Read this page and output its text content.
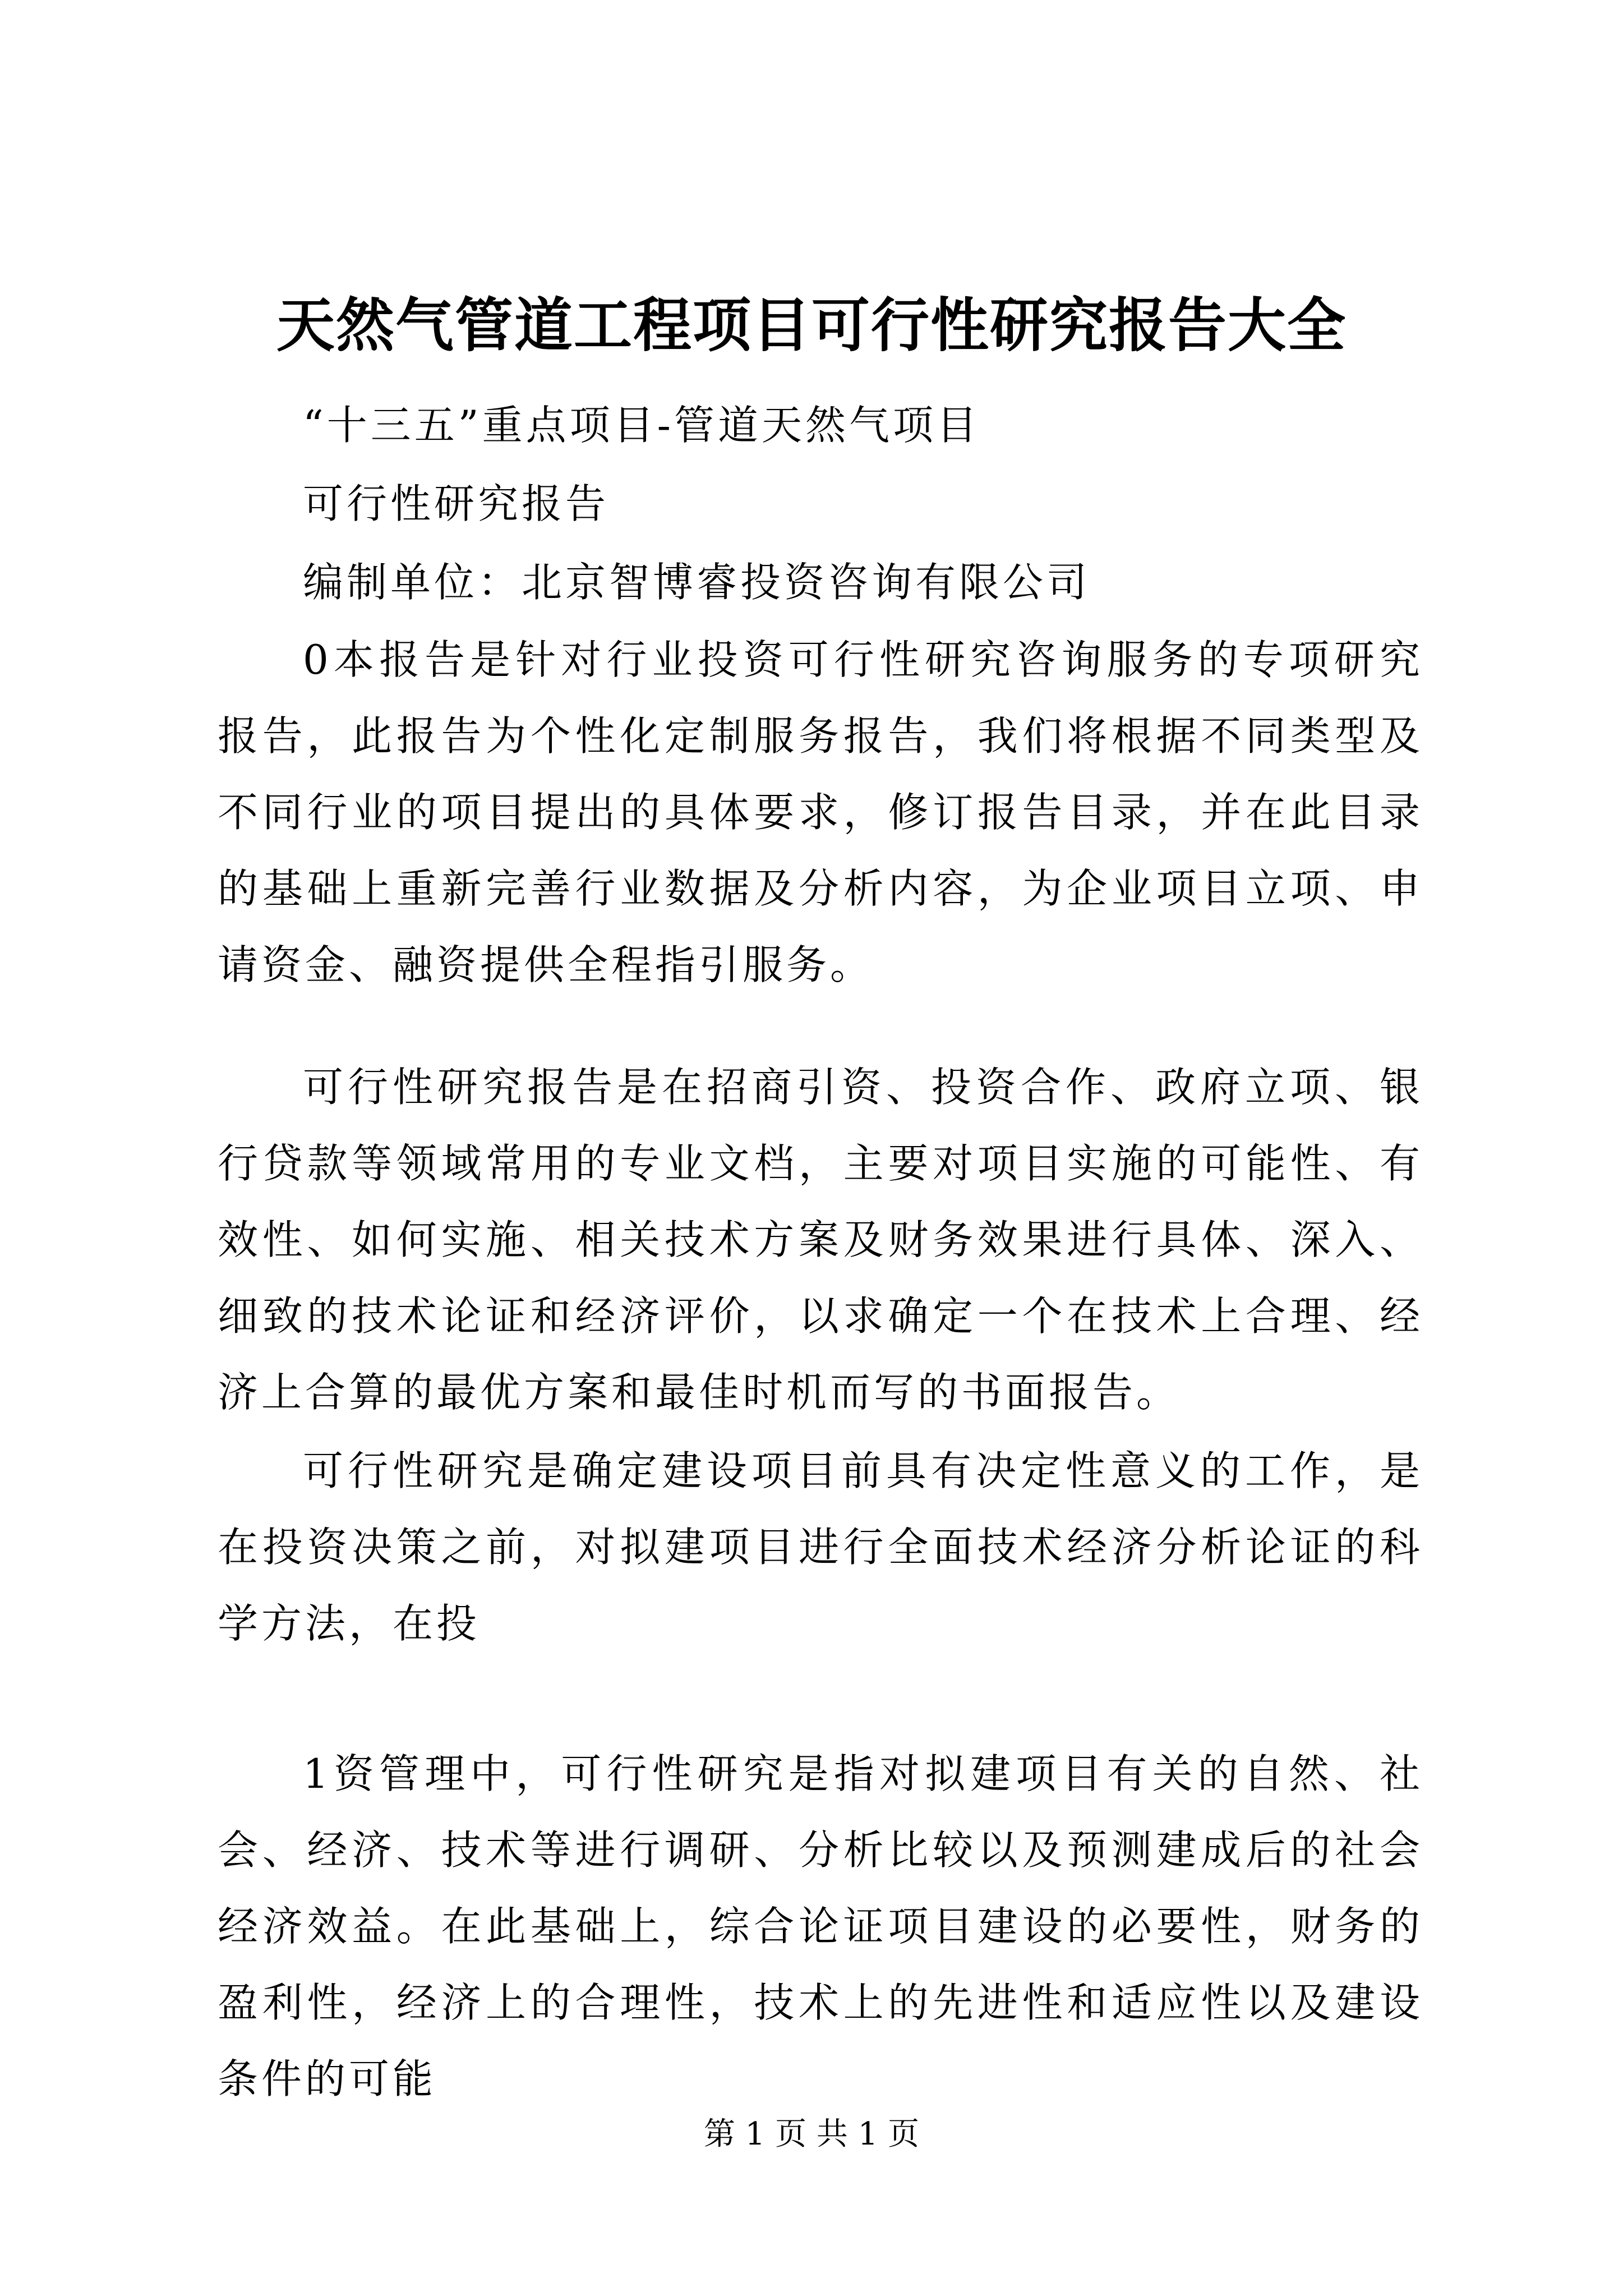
天然气管道工程项目可行性研究报告大全
“十三五”重点项目-管道天然气项目
可行性研究报告
编制单位：北京智博睿投资咨询有限公司

0本报告是针对行业投资可行性研究咨询服务的专项研究报告，此报告为个性化定制服务报告，我们将根据不同类型及不同行业的项目提出的具体要求，修订报告目录，并在此目录的基础上重新完善行业数据及分析内容，为企业项目立项、申请资金、融资提供全程指引服务。

可行性研究报告是在招商引资、投资合作、政府立项、银行贷款等领域常用的专业文档，主要对项目实施的可能性、有效性、如何实施、相关技术方案及财务效果进行具体、深入、细致的技术论证和经济评价，以求确定一个在技术上合理、经济上合算的最优方案和最佳时机而写的书面报告。

可行性研究是确定建设项目前具有决定性意义的工作，是在投资决策之前，对拟建项目进行全面技术经济分析论证的科学方法，在投

1资管理中，可行性研究是指对拟建项目有关的自然、社会、经济、技术等进行调研、分析比较以及预测建成后的社会经济效益。在此基础上，综合论证项目建设的必要性，财务的盈利性，经济上的合理性，技术上的先进性和适应性以及建设条件的可能

第 1 页 共 1 页
